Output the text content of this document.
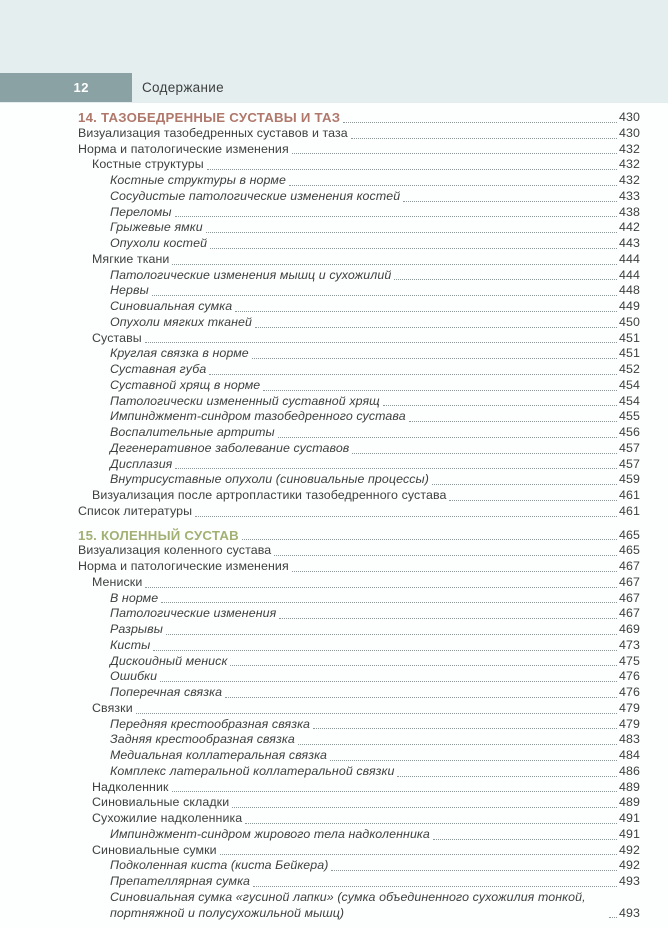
12	Содержание
14. ТАЗОБЕДРЕННЫЕ СУСТАВЫ И ТАЗ	430
Визуализация тазобедренных суставов и таза	430
Норма и патологические изменения	432
Костные структуры	432
Костные структуры в норме	432
Сосудистые патологические изменения костей	433
Переломы	438
Грыжевые ямки	442
Опухоли костей	443
Мягкие ткани	444
Патологические изменения мышц и сухожилий	444
Нервы	448
Синовиальная сумка	449
Опухоли мягких тканей	450
Суставы	451
Круглая связка в норме	451
Суставная губа	452
Суставной хрящ в норме	454
Патологически измененный суставной хрящ	454
Импинджмент-синдром тазобедренного сустава	455
Воспалительные артриты	456
Дегенеративное заболевание суставов	457
Дисплазия	457
Внутрисуставные опухоли (синовиальные процессы)	459
Визуализация после артропластики тазобедренного сустава	461
Список литературы	461
15. КОЛЕННЫЙ СУСТАВ	465
Визуализация коленного сустава	465
Норма и патологические изменения	467
Мениски	467
В норме	467
Патологические изменения	467
Разрывы	469
Кисты	473
Дискоидный мениск	475
Ошибки	476
Поперечная связка	476
Связки	479
Передняя крестообразная связка	479
Задняя крестообразная связка	483
Медиальная коллатеральная связка	484
Комплекс латеральной коллатеральной связки	486
Надколенник	489
Синовиальные складки	489
Сухожилие надколенника	491
Импинджмент-синдром жирового тела надколенника	491
Синовиальные сумки	492
Подколенная киста (киста Бейкера)	492
Препателлярная сумка	493
Синовиальная сумка «гусиной лапки» (сумка объединенного сухожилия тонкой, портняжной и полусухожильной мышц)	493
